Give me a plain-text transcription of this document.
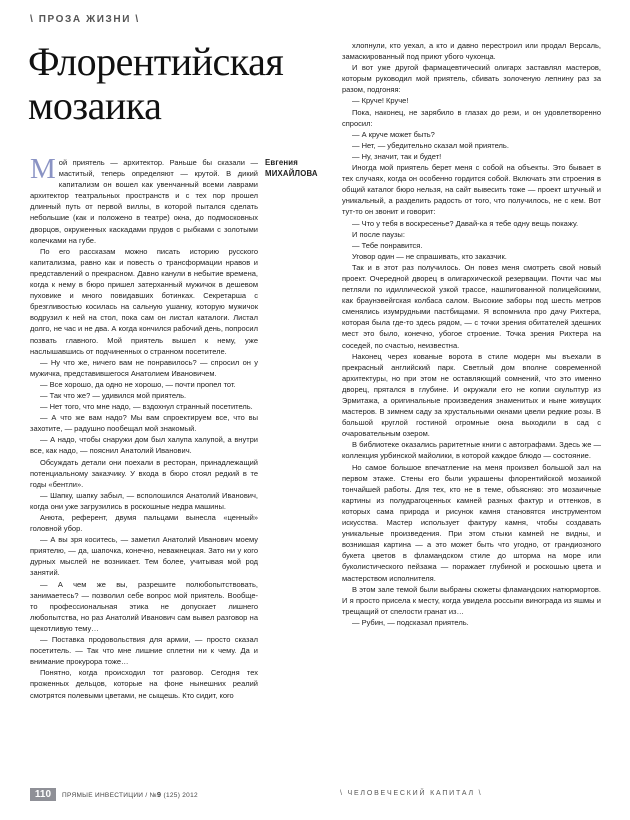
\ ПРОЗА ЖИЗНИ \
Флорентийская
мозаика
Евгения
МИХАЙЛОВА

Мой приятель — архитектор. Раньше бы сказали — маститый, теперь определяют — крутой. В дикий капитализм он вошел как увенчанный всеми лаврами архитектор театральных пространств и с тех пор прошел длинный путь от первой виллы, в которой пытался сделать небольшие (как и положено в театре) окна, до подмосковных дворцов, окруженных каскадами прудов с рыбками с золотыми колечками на губе.

По его рассказам можно писать историю русского капитализма, равно как и повесть о трансформации нравов и представлений о прекрасном. Давно канули в небытие времена, когда к нему в бюро пришел затерханный мужичок в дешевом пуховике и много повидавших ботинках. Секретарша с брезгливостью косилась на сальную ушанку, которую мужичок водрузил к ней на стол, пока сам он листал каталоги. Листал долго, не час и не два. А когда кончился рабочий день, попросил позвать главного. Мой приятель вышел к нему, уже наслышавшись от подчиненных о странном посетителе.

— Ну что же, ничего вам не понравилось? — спросил он у мужичка, представившегося Анатолием Ивановичем.

— Все хорошо, да одно не хорошо, — почти пропел тот.

— Так что же? — удивился мой приятель.

— Нет того, что мне надо, — вздохнул странный посетитель.

— А что же вам надо? Мы вам спроектируем все, что вы захотите, — радушно пообещал мой знакомый.

— А надо, чтобы снаружи дом был халупа халупой, а внутри все, как надо, — пояснил Анатолий Иванович.

Обсуждать детали они поехали в ресторан, принадлежащий потенциальному заказчику. У входа в бюро стоял редкий в те годы «бентли».

— Шапку, шапку забыл, — всполошился Анатолий Иванович, когда они уже загрузились в роскошные недра машины.

Анюта, референт, двумя пальцами вынесла «ценный» головной убор.

— А вы зря коситесь, — заметил Анатолий Иванович моему приятелю, — да, шапочка, конечно, неважнецкая. Зато ни у кого дурных мыслей не возникает. Тем более, учитывая мой род занятий.

— А чем же вы, разрешите полюбопытствовать, занимаетесь? — позволил себе вопрос мой приятель. Вообще-то профессиональная этика не допускает лишнего любопытства, но раз Анатолий Иванович сам вывел разговор на щекотливую тему…

— Поставка продовольствия для армии, — просто сказал посетитель. — Так что мне лишние сплетни ни к чему. Да и внимание прокурора тоже…

Понятно, когда происходил тот разговор. Сегодня тех проженных дельцов, которые на фоне нынешних реалий смотрятся полевыми цветами, не сыщешь. Кто сидит, кого

хлопнули, кто уехал, а кто и давно перестроил или продал Версаль, замаскированный под приют убого чухонца.

И вот уже другой фармацевтический олигарх заставлял мастеров, которым руководил мой приятель, сбивать золоченую лепнину раз за разом, подгоняя:

— Круче! Круче!

Пока, наконец, не зарябило в глазах до рези, и он удовлетворенно спросил:

— А круче может быть?

— Нет, — убедительно сказал мой приятель.

— Ну, значит, так и будет!

Иногда мой приятель берет меня с собой на объекты. Это бывает в тех случаях, когда он особенно гордится собой. Включать эти строения в общий каталог бюро нельзя, на сайт вывесить тоже — проект штучный и уникальный, а разделить радость от того, что получилось, не с кем. Вот тут-то он звонит и говорит:

— Что у тебя в воскресенье? Давай-ка я тебе одну вещь покажу.

И после паузы:

— Тебе понравится.

Уговор один — не спрашивать, кто заказчик.

Так и в этот раз получилось. Он повез меня смотреть свой новый проект. Очередной дворец в олигархической резервации. Почти час мы петляли по идиллической узкой трассе, нашпигованной полицейскими, как браунэвейгская колбаса салом. Высокие заборы под шесть метров сменялись изумрудными пастбищами. Я вспомнила про дачу Рихтера, которая была где-то здесь рядом, — с точки зрения обитателей здешних мест это было, конечно, убогое строение. Точка зрения Рихтера на соседей, по счастью, неизвестна.

Наконец через кованые ворота в стиле модерн мы въехали в прекрасный английский парк. Светлый дом вполне современной архитектуры, но при этом не оставляющий сомнений, что это именно дворец, прятался в глубине. И окружали его не копии скульптур из Эрмитажа, а оригинальные произведения знаменитых и ныне живущих мастеров. В зимнем саду за хрустальными окнами цвели редкие розы. В большой круглой гостиной огромные окна выходили в сад с очаровательным озером.

В библиотеке оказались раритетные книги с автографами. Здесь же — коллекция урбинской майолики, в которой каждое блюдо — состояние.

Но самое большое впечатление на меня произвел большой зал на первом этаже. Стены его были украшены флорентийской мозаикой тончайшей работы. Для тех, кто не в теме, объясняю: это мозаичные картины из полудрагоценных камней разных фактур и оттенков, в которых сама природа и рисунок камня становятся инструментом искусства. Мастер использует фактуру камня, чтобы создавать уникальные произведения. При этом стыки камней не видны, и возникшая картина — а это может быть что угодно, от грандиозного букета цветов в фламандском стиле до шторма на море или буколистического пейзажа — поражает глубиной и роскошью цвета и мастерством исполнителя.

В этом зале темой были выбраны сюжеты фламандских натюрмортов. И я просто присела к месту, когда увидела россыпи винограда из яшмы и трещащий от спелости гранат из…

— Рубин, — подсказал приятель.

110	ПРЯМЫЕ ИНВЕСТИЦИИ / №9 (125) 2012	\ ЧЕЛОВЕЧЕСКИЙ КАПИТАЛ \
